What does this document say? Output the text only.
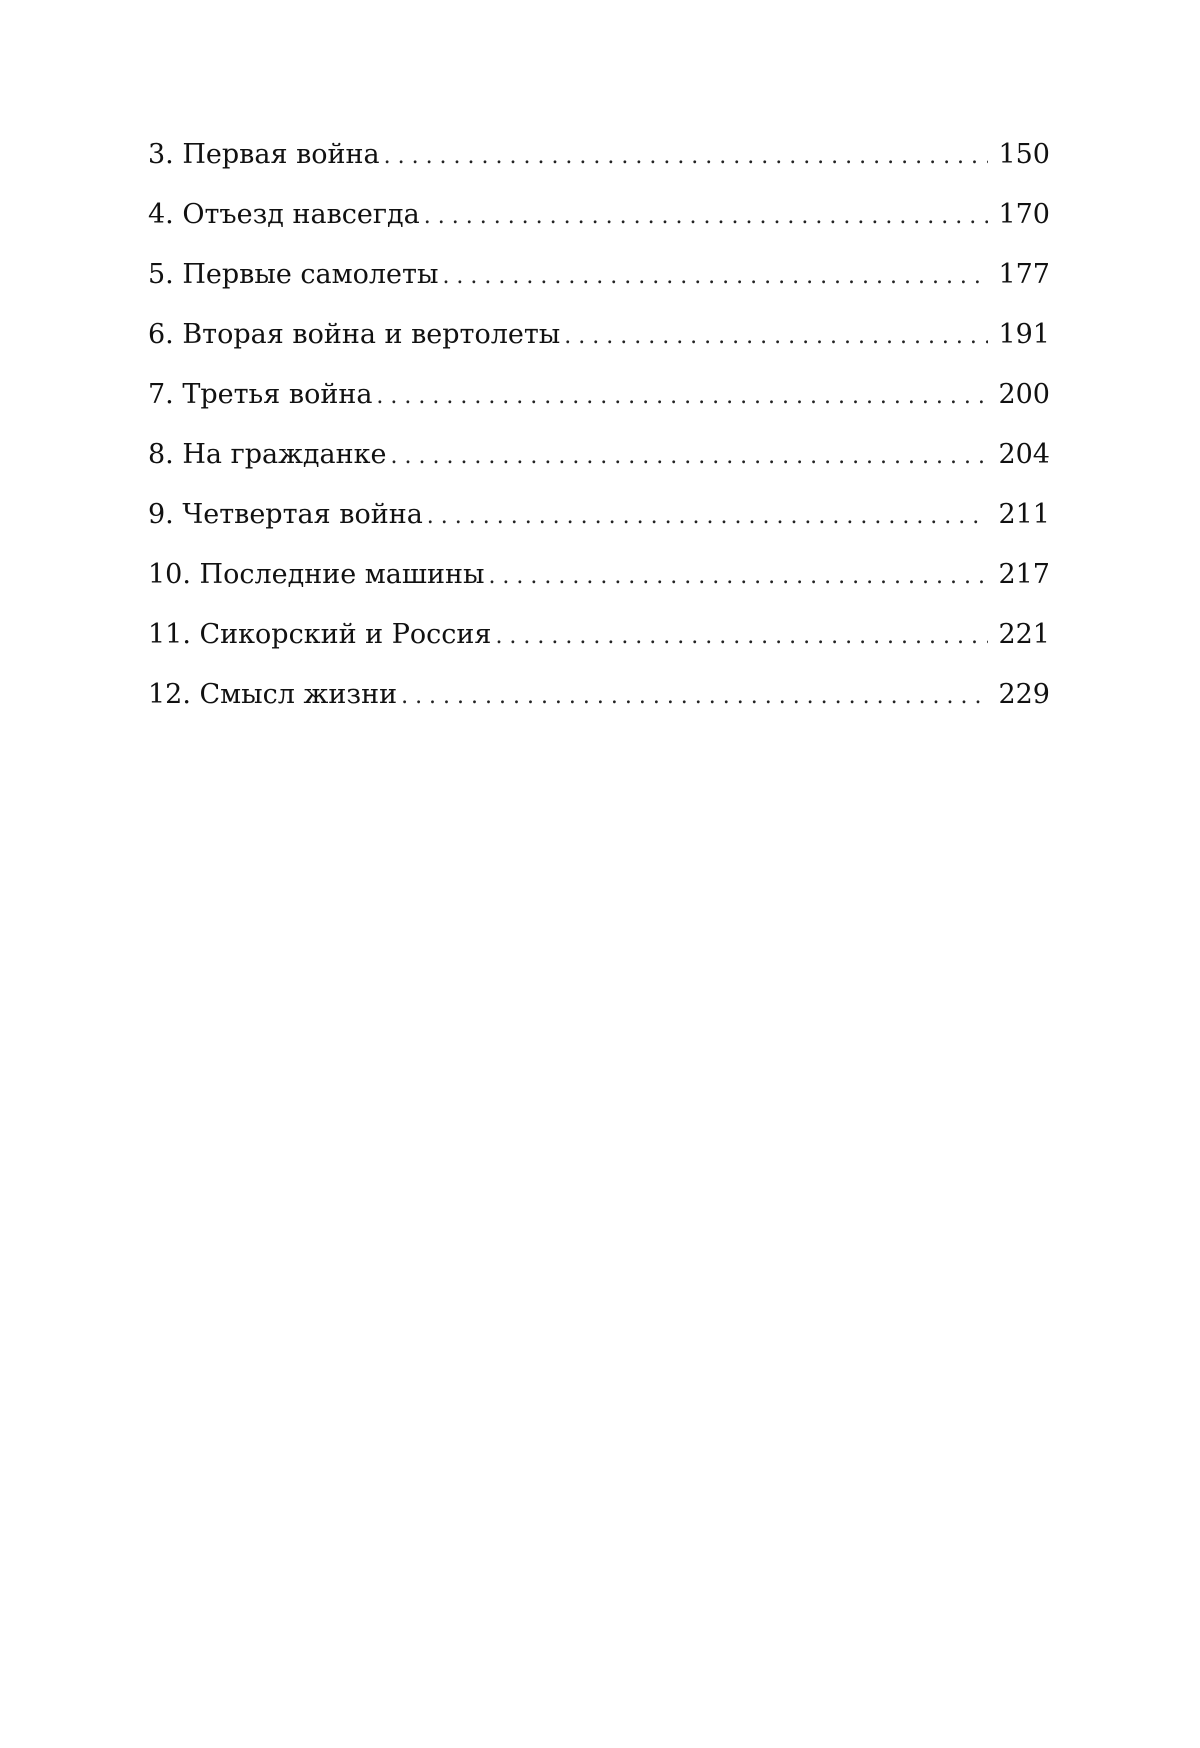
3. Первая война . . .	150
4. Отъезд навсегда . . .	170
5. Первые самолеты . . .	177
6. Вторая война и вертолеты . . .	191
7. Третья война . . .	200
8. На гражданке . . .	204
9. Четвертая война . . .	211
10. Последние машины . . .	217
11. Сикорский и Россия . . .	221
12. Смысл жизни . . .	229
